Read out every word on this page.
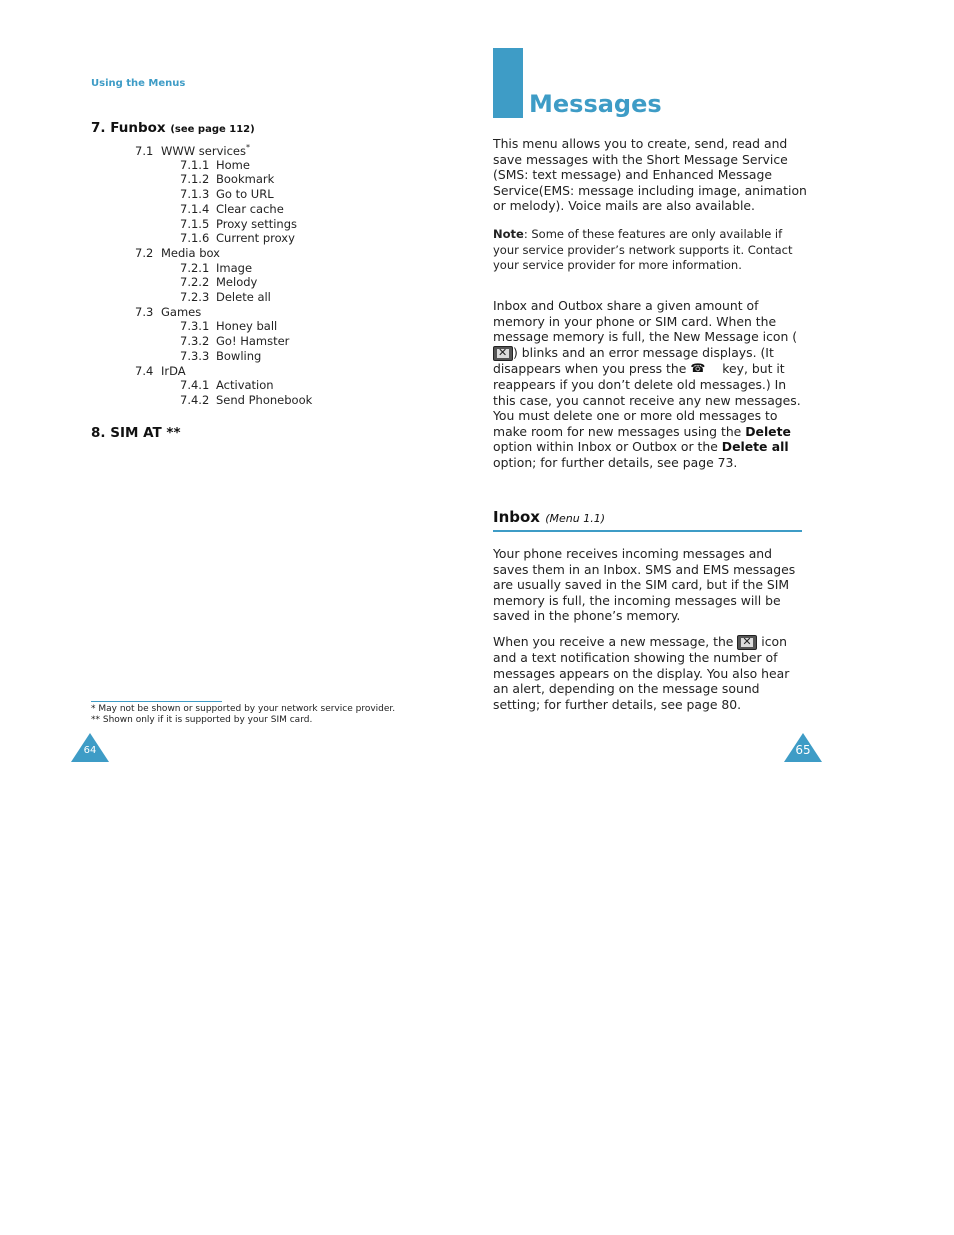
Using the Menus
7. Funbox (see page 112)
7.1 WWW services*
7.1.1 Home
7.1.2 Bookmark
7.1.3 Go to URL
7.1.4 Clear cache
7.1.5 Proxy settings
7.1.6 Current proxy
7.2 Media box
7.2.1 Image
7.2.2 Melody
7.2.3 Delete all
7.3 Games
7.3.1 Honey ball
7.3.2 Go! Hamster
7.3.3 Bowling
7.4 IrDA
7.4.1 Activation
7.4.2 Send Phonebook
8. SIM AT **
* May not be shown or supported by your network service provider.
** Shown only if it is supported by your SIM card.
64
Messages
This menu allows you to create, send, read and save messages with the Short Message Service (SMS: text message) and Enhanced Message Service(EMS: message including image, animation or melody). Voice mails are also available.
Note: Some of these features are only available if your service provider’s network supports it. Contact your service provider for more information.
Inbox and Outbox share a given amount of memory in your phone or SIM card. When the message memory is full, the New Message icon (✕) blinks and an error message displays. (It disappears when you press the ☎ key, but it reappears if you don’t delete old messages.) In this case, you cannot receive any new messages. You must delete one or more old messages to make room for new messages using the Delete option within Inbox or Outbox or the Delete all option; for further details, see page 73.
Inbox (Menu 1.1)
Your phone receives incoming messages and saves them in an Inbox. SMS and EMS messages are usually saved in the SIM card, but if the SIM memory is full, the incoming messages will be saved in the phone’s memory.
When you receive a new message, the ✕ icon and a text notification showing the number of messages appears on the display. You also hear an alert, depending on the message sound setting; for further details, see page 80.
65
